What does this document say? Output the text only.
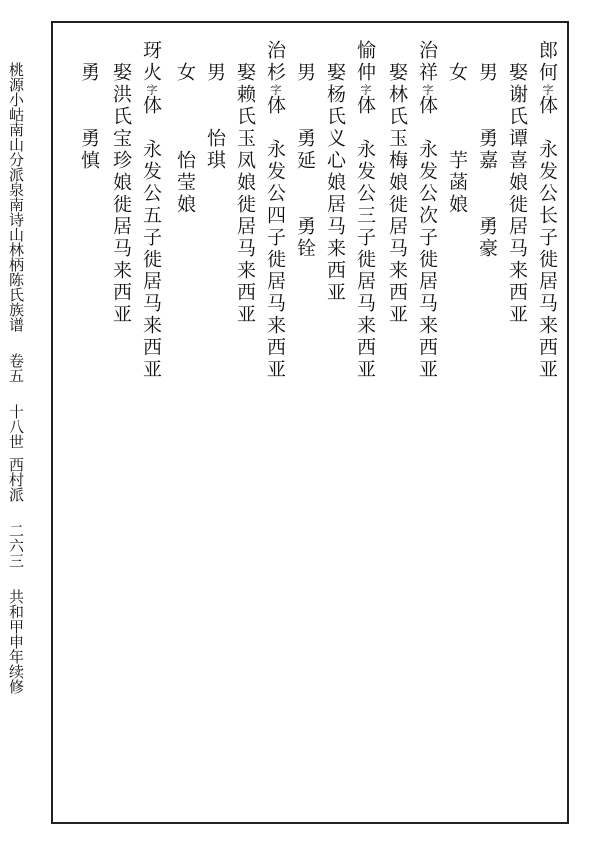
桃源小岵南山分派泉南诗山林柄陈氏族谱卷五十八世西村派二六三共和甲申年续修
郎何字体　永发公长子徙居马来西亚
　娶谢氏谭喜娘徙居马来西亚
　男　　勇嘉　　勇豪
　女　　　芋菡娘
治祥字体　永发公次子徙居马来西亚
　娶林氏玉梅娘徙居马来西亚
愉仲字体　永发公三子徙居马来西亚
　娶杨氏义心娘居马来西亚
　男　　勇延　　勇铨
治杉字体　永发公四子徙居马来西亚
　娶赖氏玉凤娘徙居马来西亚
　男　　怡琪
　女　　　怡莹娘
玡火字体　永发公五子徙居马来西亚
　娶洪氏宝珍娘徙居马来西亚
　勇　　勇慎
